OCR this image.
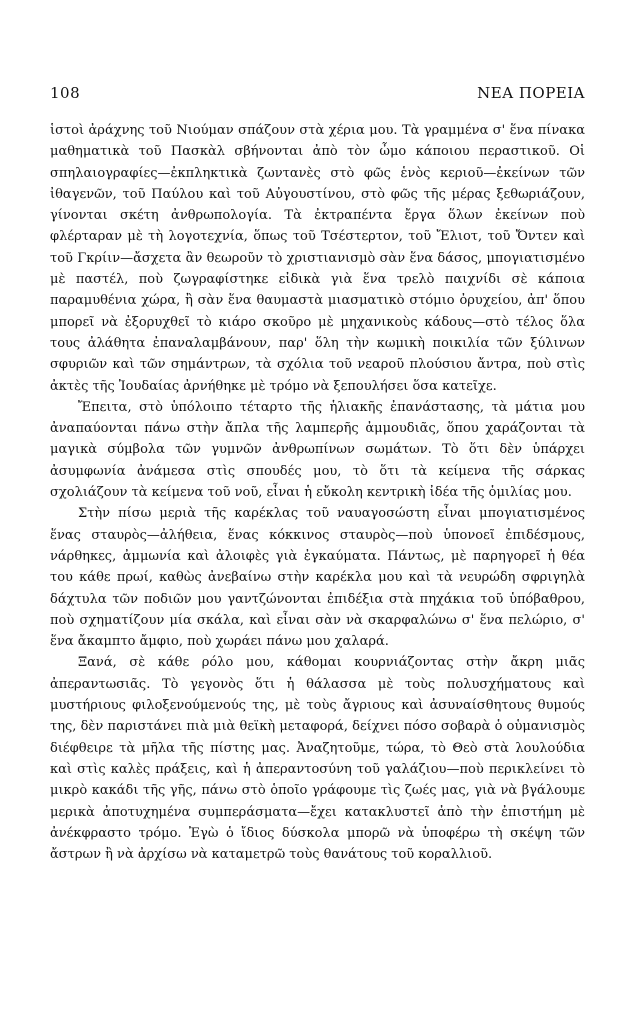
108	ΝΕΑ ΠΟΡΕΙΑ

ἱστοὶ ἀράχνης τοῦ Νιούμαν σπάζουν στὰ χέρια μου. Τὰ γραμμένα σ' ἕνα πίνακα μαθηματικὰ τοῦ Πασκὰλ σβήνονται ἀπὸ τὸν ὦμο κάποιου περαστικοῦ. Οἱ σπηλαιογραφίες—ἐκπληκτικὰ ζωντανὲς στὸ φῶς ἑνὸς κεριοῦ—ἐκείνων τῶν ἰθαγενῶν, τοῦ Παύλου καὶ τοῦ Αὐγουστίνου, στὸ φῶς τῆς μέρας ξεθωριάζουν, γίνονται σκέτη ἀνθρωπολογία. Τὰ ἐκτραπέντα ἔργα ὅλων ἐκείνων ποὺ φλέρταραν μὲ τὴ λογοτεχνία, ὅπως τοῦ Τσέστερτον, τοῦ Ἔλιοτ, τοῦ Ὄντεν καὶ τοῦ Γκρίιν—ἄσχετα ἂν θεωροῦν τὸ χριστιανισμὸ σὰν ἕνα δάσος, μπογιατισμένο μὲ παστέλ, ποὺ ζωγραφίστηκε εἰδικὰ γιὰ ἕνα τρελὸ παιχνίδι σὲ κάποια παραμυθένια χώρα, ἢ σὰν ἕνα θαυμαστὰ μιασματικὸ στόμιο ὀρυχείου, ἀπ' ὅπου μπορεῖ νὰ ἐξορυχθεῖ τὸ κιάρο σκοῦρο μὲ μηχανικοὺς κάδους—στὸ τέλος ὅλα τους ἀλάθητα ἐπαναλαμβάνουν, παρ' ὅλη τὴν κωμικὴ ποικιλία τῶν ξύλινων σφυριῶν καὶ τῶν σημάντρων, τὰ σχόλια τοῦ νεαροῦ πλούσιου ἄντρα, ποὺ στὶς ἀκτὲς τῆς Ἰουδαίας ἀρνήθηκε μὲ τρόμο νὰ ξεπουλήσει ὅσα κατεῖχε.

Ἔπειτα, στὸ ὑπόλοιπο τέταρτο τῆς ἡλιακῆς ἐπανάστασης, τὰ μάτια μου ἀναπαύονται πάνω στὴν ἄπλα τῆς λαμπερῆς ἀμμουδιᾶς, ὅπου χαράζονται τὰ μαγικὰ σύμβολα τῶν γυμνῶν ἀνθρωπίνων σωμάτων. Τὸ ὅτι δὲν ὑπάρχει ἀσυμφωνία ἀνάμεσα στὶς σπουδές μου, τὸ ὅτι τὰ κείμενα τῆς σάρκας σχολιάζουν τὰ κείμενα τοῦ νοῦ, εἶναι ἡ εὔκολη κεντρικὴ ἰδέα τῆς ὁμιλίας μου.

Στὴν πίσω μεριὰ τῆς καρέκλας τοῦ ναυαγοσώστη εἶναι μπογιατισμένος ἕνας σταυρὸς—ἀλήθεια, ἕνας κόκκινος σταυρὸς—ποὺ ὑπονοεῖ ἐπιδέσμους, νάρθηκες, ἀμμωνία καὶ ἀλοιφὲς γιὰ ἐγκαύματα. Πάντως, μὲ παρηγορεῖ ἡ θέα του κάθε πρωί, καθὼς ἀνεβαίνω στὴν καρέκλα μου καὶ τὰ νευρώδη σφριγηλὰ δάχτυλα τῶν ποδιῶν μου γαντζώνονται ἐπιδέξια στὰ πηχάκια τοῦ ὑπόβαθρου, ποὺ σχηματίζουν μία σκάλα, καὶ εἶναι σὰν νὰ σκαρφαλώνω σ' ἕνα πελώριο, σ' ἕνα ἄκαμπτο ἄμφιο, ποὺ χωράει πάνω μου χαλαρά.

Ξανά, σὲ κάθε ρόλο μου, κάθομαι κουρνιάζοντας στὴν ἄκρη μιᾶς ἀπεραντωσιᾶς. Τὸ γεγονὸς ὅτι ἡ θάλασσα μὲ τοὺς πολυσχήματους καὶ μυστήριους φιλοξενούμενούς της, μὲ τοὺς ἄγριους καὶ ἀσυναίσθητους θυμούς της, δὲν παριστάνει πιὰ μιὰ θεϊκὴ μεταφορά, δείχνει πόσο σοβαρὰ ὁ οὑμανισμὸς διέφθειρε τὰ μῆλα τῆς πίστης μας. Ἀναζητοῦμε, τώρα, τὸ Θεὸ στὰ λουλούδια καὶ στὶς καλὲς πράξεις, καὶ ἡ ἀπεραντοσύνη τοῦ γαλάζιου—ποὺ περικλείνει τὸ μικρὸ κακάδι τῆς γῆς, πάνω στὸ ὁποῖο γράφουμε τὶς ζωές μας, γιὰ νὰ βγάλουμε μερικὰ ἀποτυχημένα συμπεράσματα—ἔχει κατακλυστεῖ ἀπὸ τὴν ἐπιστήμη μὲ ἀνέκφραστο τρόμο. Ἐγὼ ὁ ἴδιος δύσκολα μπορῶ νὰ ὑποφέρω τὴ σκέψη τῶν ἄστρων ἢ νὰ ἀρχίσω νὰ καταμετρῶ τοὺς θανάτους τοῦ κοραλλιοῦ.
